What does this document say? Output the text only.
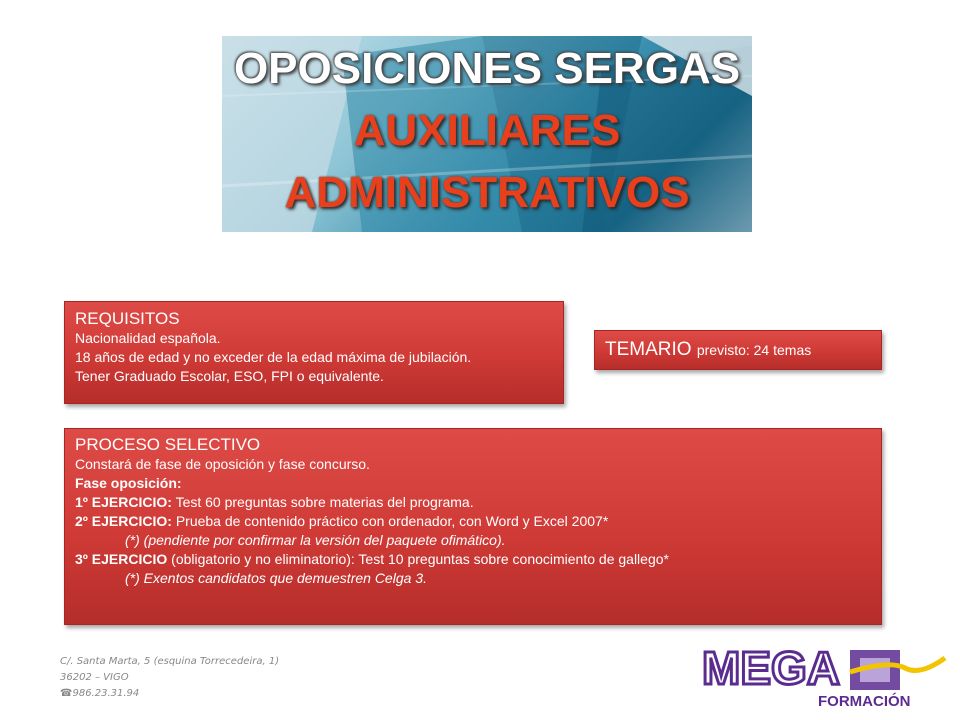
OPOSICIONES SERGAS
AUXILIARES
ADMINISTRATIVOS
REQUISITOS
Nacionalidad española.
18 años de edad y no exceder de la edad máxima de jubilación.
Tener Graduado Escolar, ESO, FPI o equivalente.
TEMARIO previsto: 24 temas
PROCESO SELECTIVO
Constará de fase de oposición y fase concurso.
Fase oposición:
1º EJERCICIO: Test 60 preguntas sobre materias del programa.
2º EJERCICIO: Prueba de contenido práctico con ordenador, con Word y Excel 2007*
(*) (pendiente por confirmar la versión del paquete ofimático).
3º EJERCICIO (obligatorio y no eliminatorio): Test 10 preguntas sobre conocimiento de gallego*
(*) Exentos candidatos que demuestren Celga 3.
C/. Santa Marta, 5 (esquina Torrecedeira, 1)
36202 – VIGO
☎986.23.31.94	MEGA
FORMACIÓN
